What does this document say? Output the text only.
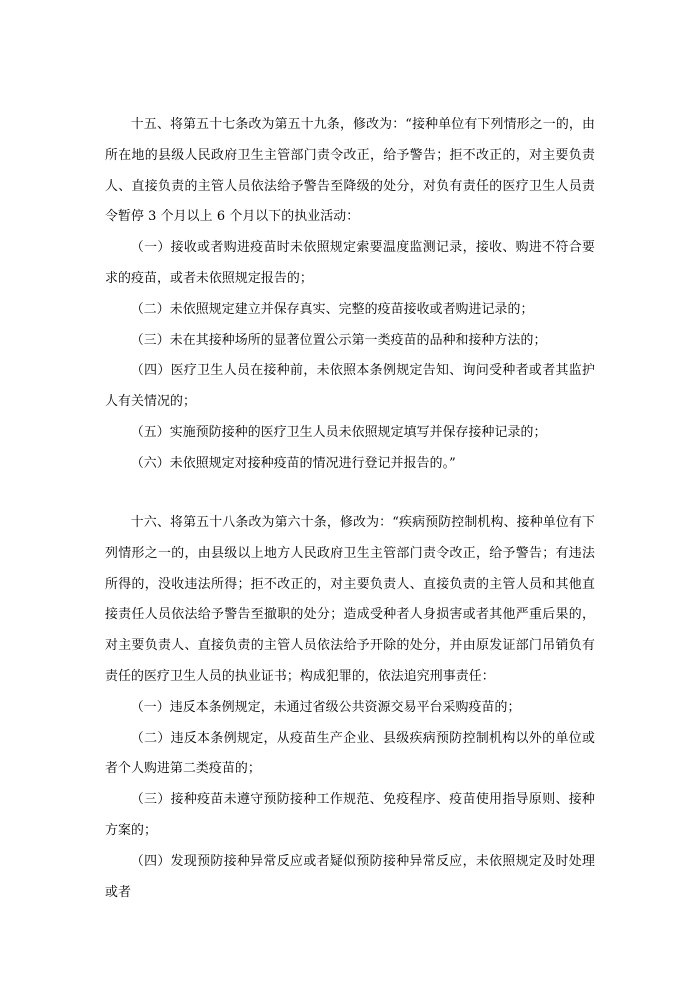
十五、将第五十七条改为第五十九条，修改为：“接种单位有下列情形之一的，由所在地的县级人民政府卫生主管部门责令改正，给予警告；拒不改正的，对主要负责人、直接负责的主管人员依法给予警告至降级的处分，对负有责任的医疗卫生人员责令暂停 3 个月以上 6 个月以下的执业活动：

（一）接收或者购进疫苗时未依照规定索要温度监测记录，接收、购进不符合要求的疫苗，或者未依照规定报告的；

（二）未依照规定建立并保存真实、完整的疫苗接收或者购进记录的；

（三）未在其接种场所的显著位置公示第一类疫苗的品种和接种方法的；

（四）医疗卫生人员在接种前，未依照本条例规定告知、询问受种者或者其监护人有关情况的；

（五）实施预防接种的医疗卫生人员未依照规定填写并保存接种记录的；

（六）未依照规定对接种疫苗的情况进行登记并报告的。”

十六、将第五十八条改为第六十条，修改为：“疾病预防控制机构、接种单位有下列情形之一的，由县级以上地方人民政府卫生主管部门责令改正，给予警告；有违法所得的，没收违法所得；拒不改正的，对主要负责人、直接负责的主管人员和其他直接责任人员依法给予警告至撤职的处分；造成受种者人身损害或者其他严重后果的，对主要负责人、直接负责的主管人员依法给予开除的处分，并由原发证部门吊销负有责任的医疗卫生人员的执业证书；构成犯罪的，依法追究刑事责任：

（一）违反本条例规定，未通过省级公共资源交易平台采购疫苗的；

（二）违反本条例规定，从疫苗生产企业、县级疾病预防控制机构以外的单位或者个人购进第二类疫苗的；

（三）接种疫苗未遵守预防接种工作规范、免疫程序、疫苗使用指导原则、接种方案的；

（四）发现预防接种异常反应或者疑似预防接种异常反应，未依照规定及时处理或者
